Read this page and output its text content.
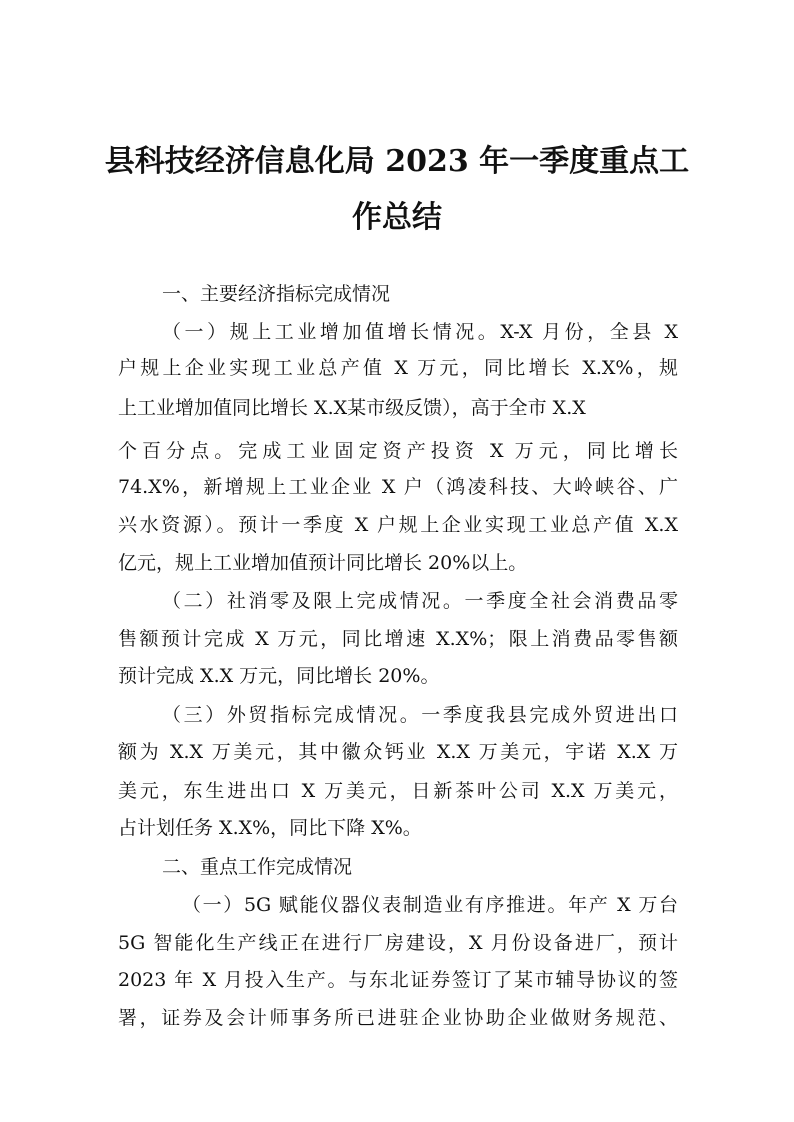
县科技经济信息化局 2023 年一季度重点工
作总结
一、主要经济指标完成情况
（一）规上工业增加值增长情况。X-X 月份，全县 X
户规上企业实现工业总产值 X 万元，同比增长 X.X%，规
上工业增加值同比增长 X.X某市级反馈），高于全市 X.X
个百分点。完成工业固定资产投资 X 万元，同比增长
74.X%，新增规上工业企业 X 户（鸿凌科技、大岭峡谷、广
兴水资源）。预计一季度 X 户规上企业实现工业总产值 X.X
亿元，规上工业增加值预计同比增长 20%以上。
（二）社消零及限上完成情况。一季度全社会消费品零
售额预计完成 X 万元，同比增速 X.X%；限上消费品零售额
预计完成 X.X 万元，同比增长 20%。
（三）外贸指标完成情况。一季度我县完成外贸进出口
额为 X.X 万美元，其中徽众钙业 X.X 万美元，宇诺 X.X 万
美元，东生进出口 X 万美元，日新茶叶公司 X.X 万美元，
占计划任务 X.X%，同比下降 X%。
二、重点工作完成情况
（一）5G 赋能仪器仪表制造业有序推进。年产 X 万台
5G 智能化生产线正在进行厂房建设，X 月份设备进厂，预计
2023 年 X 月投入生产。与东北证券签订了某市辅导协议的签
署，证券及会计师事务所已进驻企业协助企业做财务规范、
